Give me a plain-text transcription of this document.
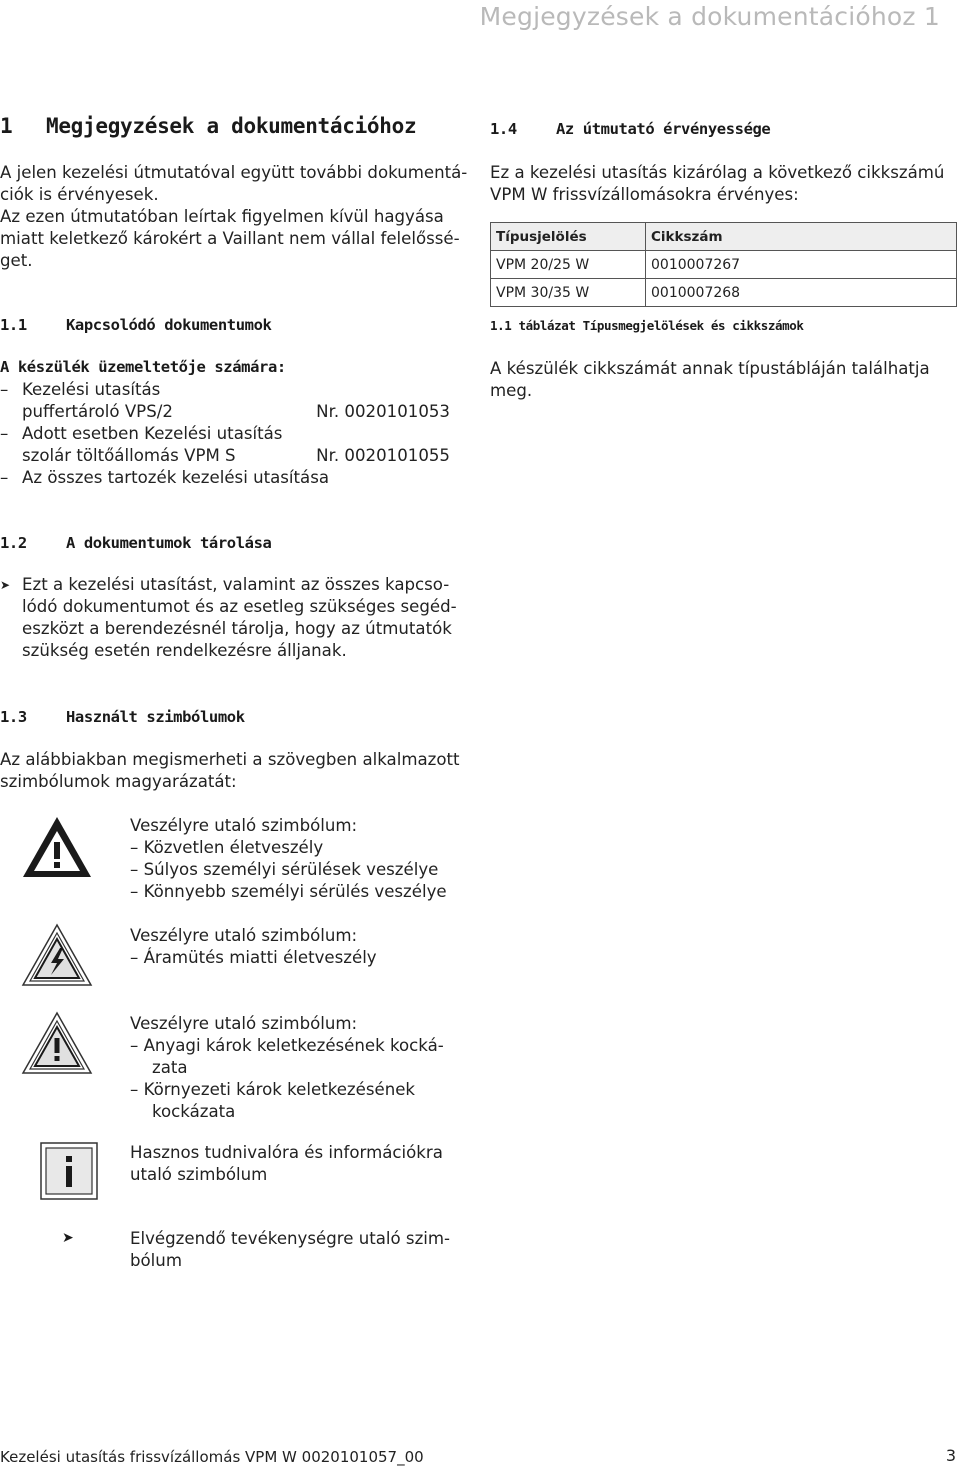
Megjegyzések a dokumentációhoz 1
1 Megjegyzések a dokumentációhoz

A jelen kezelési útmutatóval együtt további dokumentá-

ciók is érvényesek.

Az ezen útmutatóban leírtak figyelmen kívül hagyása

miatt keletkező károkért a Vaillant nem vállal felelőssé-

get.

1.1	Kapcsolódó dokumentumok
A készülék üzemeltetője számára:
– Kezelési utasítás
puffertároló VPS/2	Nr. 0020101053
– Adott esetben Kezelési utasítás
szolár töltőállomás VPM S	Nr. 0020101055
– Az összes tartozék kezelési utasítása
1.2	A dokumentumok tárolása
➤ Ezt a kezelési utasítást, valamint az összes kapcso-

lódó dokumentumot és az esetleg szükséges segéd-

eszközt a berendezésnél tárolja, hogy az útmutatók

szükség esetén rendelkezésre álljanak.

1.3	Használt szimbólumok

Az alábbiakban megismerheti a szövegben alkalmazott

szimbólumok magyarázatát:

Veszélyre utaló szimbólum:

– Közvetlen életveszély

– Súlyos személyi sérülések veszélye

– Könnyebb személyi sérülés veszélye

Veszélyre utaló szimbólum:

– Áramütés miatti életveszély

Veszélyre utaló szimbólum:

– Anyagi károk keletkezésének kocká-

zata

– Környezeti károk keletkezésének

kockázata

Hasznos tudnivalóra és információkra

utaló szimbólum

➤	Elvégzendő tevékenységre utaló szim-

bólum

1.4	Az útmutató érvényessége

Ez a kezelési utasítás kizárólag a következő cikkszámú

VPM W frissvízállomásokra érvényes:

Típusjelölés	Cikkszám
VPM 20/25 W	0010007267
VPM 30/35 W	0010007268
1.1 táblázat Típusmegjelölések és cikkszámok

A készülék cikkszámát annak típustábláján találhatja

meg.

Kezelési utasítás frissvízállomás VPM W 0020101057_00	3
